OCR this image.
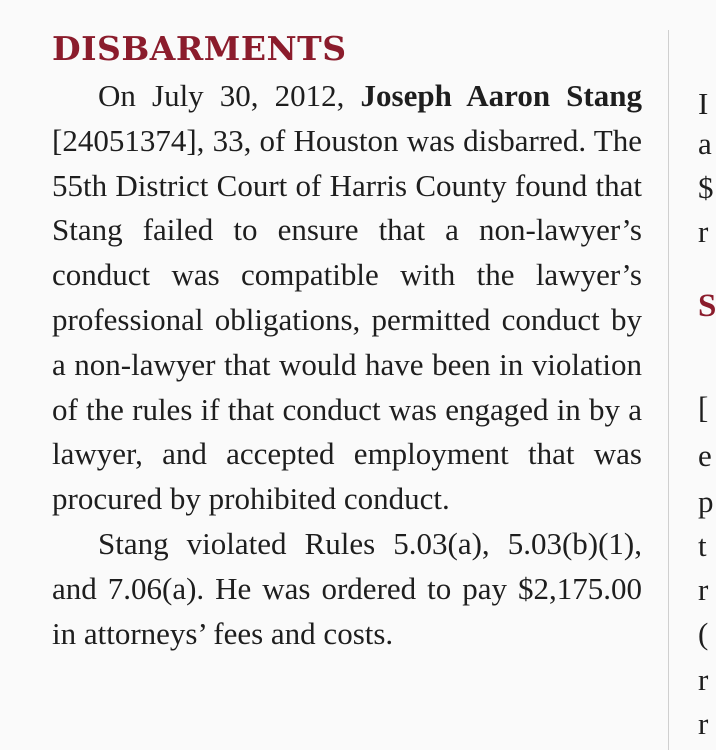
DISBARMENTS

On July 30, 2012, Joseph Aaron Stang [24051374], 33, of Houston was disbarred. The 55th District Court of Harris County found that Stang failed to ensure that a non-lawyer’s conduct was compatible with the lawyer’s professional obligations, permitted conduct by a non-lawyer that would have been in violation of the rules if that conduct was engaged in by a lawyer, and accepted employment that was procured by prohibited conduct.

Stang violated Rules 5.03(a), 5.03(b)(1), and 7.06(a). He was ordered to pay $2,175.00 in attorneys’ fees and costs.

I
a
$
r
S
[
e
p
t
r
(
r
r
